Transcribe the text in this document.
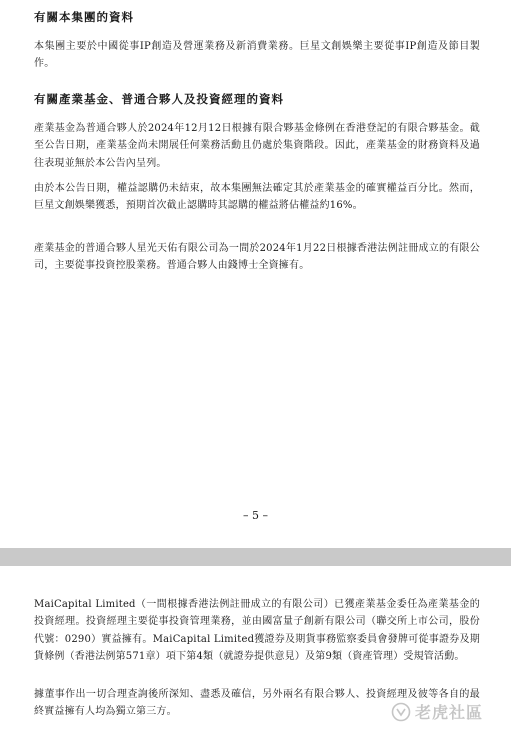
有關本集團的資料
本集團主要於中國從事IP創造及營運業務及新消費業務。巨星文創娛樂主要從事IP創造及節目製作。
有關產業基金、普通合夥人及投資經理的資料
產業基金為普通合夥人於2024年12月12日根據有限合夥基金條例在香港登記的有限合夥基金。截至公告日期，產業基金尚未開展任何業務活動且仍處於集資階段。因此，產業基金的財務資料及過往表現並無於本公告內呈列。
由於本公告日期，權益認購仍未結束，故本集團無法確定其於產業基金的確實權益百分比。然而，巨星文創娛樂獲悉，預期首次截止認購時其認購的權益將佔權益約16%。
產業基金的普通合夥人星光天佑有限公司為一間於2024年1月22日根據香港法例註冊成立的有限公司，主要從事投資控股業務。普通合夥人由錢博士全資擁有。
– 5 –
MaiCapital Limited（一間根據香港法例註冊成立的有限公司）已獲產業基金委任為產業基金的投資經理。投資經理主要從事投資管理業務，並由國富量子創新有限公司（聯交所上市公司，股份代號：0290）實益擁有。MaiCapital Limited獲證券及期貨事務監察委員會發牌可從事證券及期貨條例（香港法例第571章）項下第4類（就證券提供意見）及第9類（資產管理）受規管活動。
據董事作出一切合理查詢後所深知、盡悉及確信，另外兩名有限合夥人、投資經理及彼等各自的最終實益擁有人均為獨立第三方。	老虎社區
